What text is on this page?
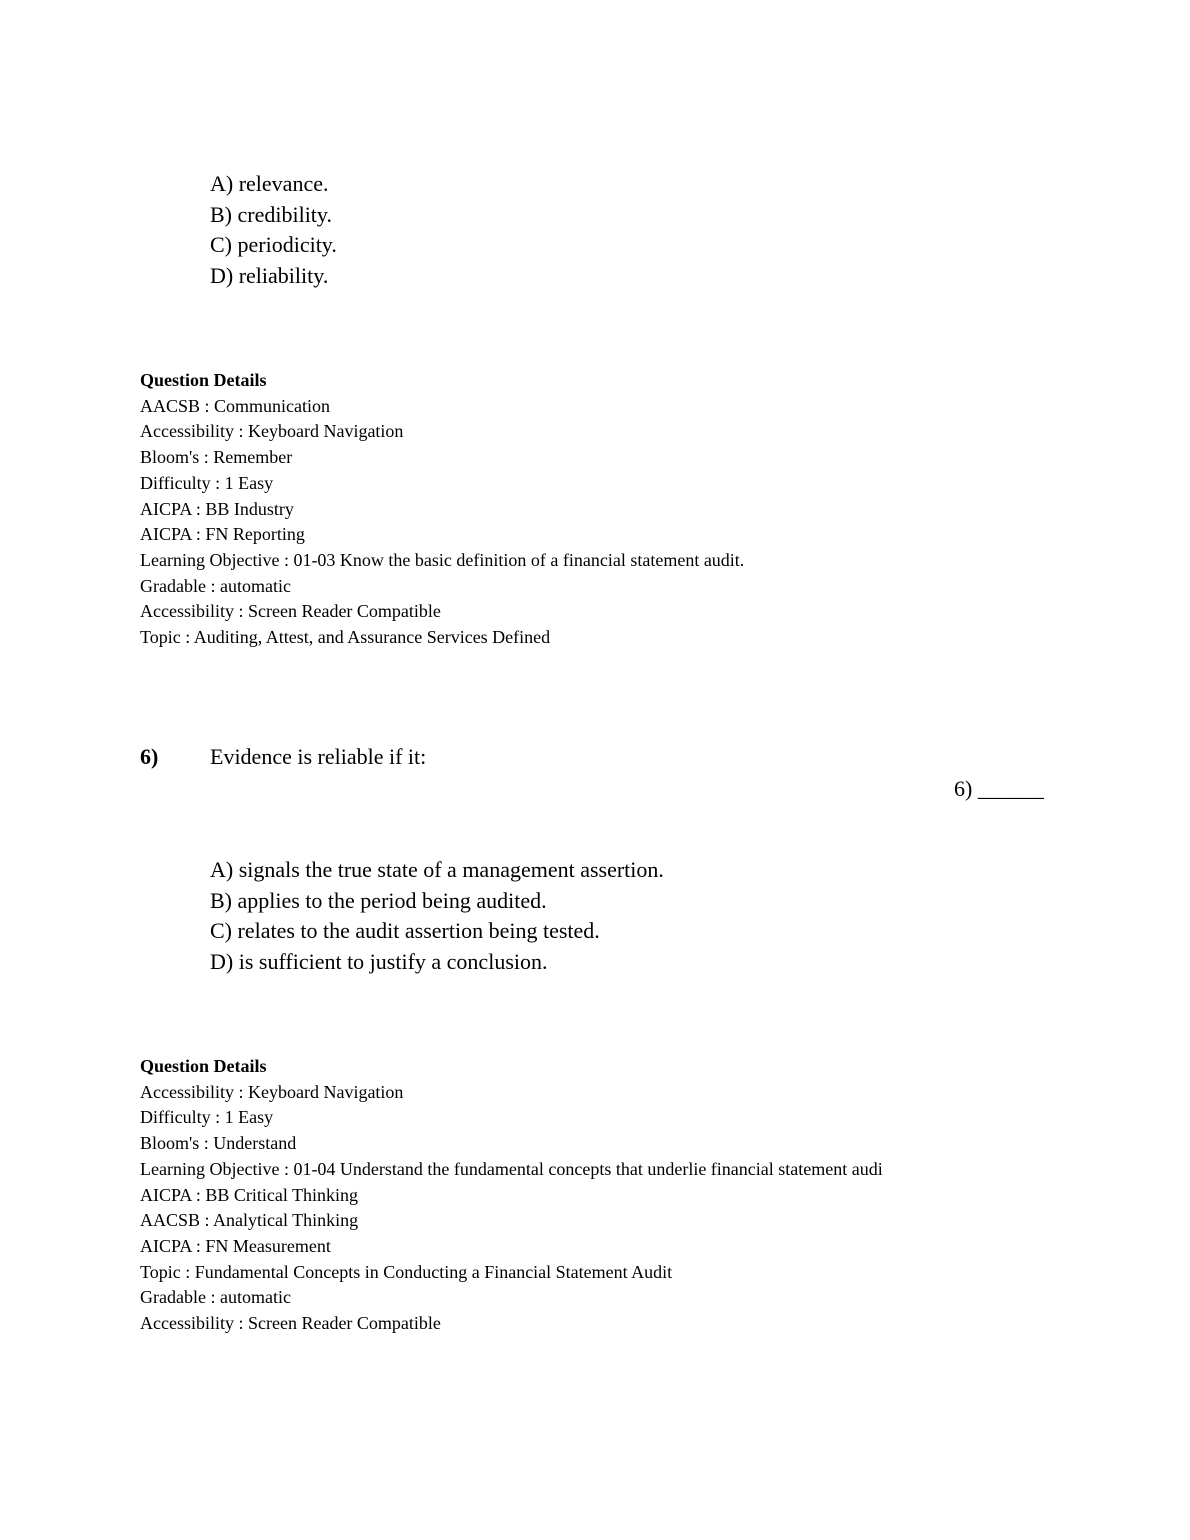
A) relevance.
B) credibility.
C) periodicity.
D) reliability.
Question Details
AACSB : Communication
Accessibility : Keyboard Navigation
Bloom's : Remember
Difficulty : 1 Easy
AICPA : BB Industry
AICPA : FN Reporting
Learning Objective : 01-03 Know the basic definition of a financial statement audit.
Gradable : automatic
Accessibility : Screen Reader Compatible
Topic : Auditing, Attest, and Assurance Services Defined
6) Evidence is reliable if it:
6) ______
A) signals the true state of a management assertion.
B) applies to the period being audited.
C) relates to the audit assertion being tested.
D) is sufficient to justify a conclusion.
Question Details
Accessibility : Keyboard Navigation
Difficulty : 1 Easy
Bloom's : Understand
Learning Objective : 01-04 Understand the fundamental concepts that underlie financial statement audi
AICPA : BB Critical Thinking
AACSB : Analytical Thinking
AICPA : FN Measurement
Topic : Fundamental Concepts in Conducting a Financial Statement Audit
Gradable : automatic
Accessibility : Screen Reader Compatible
